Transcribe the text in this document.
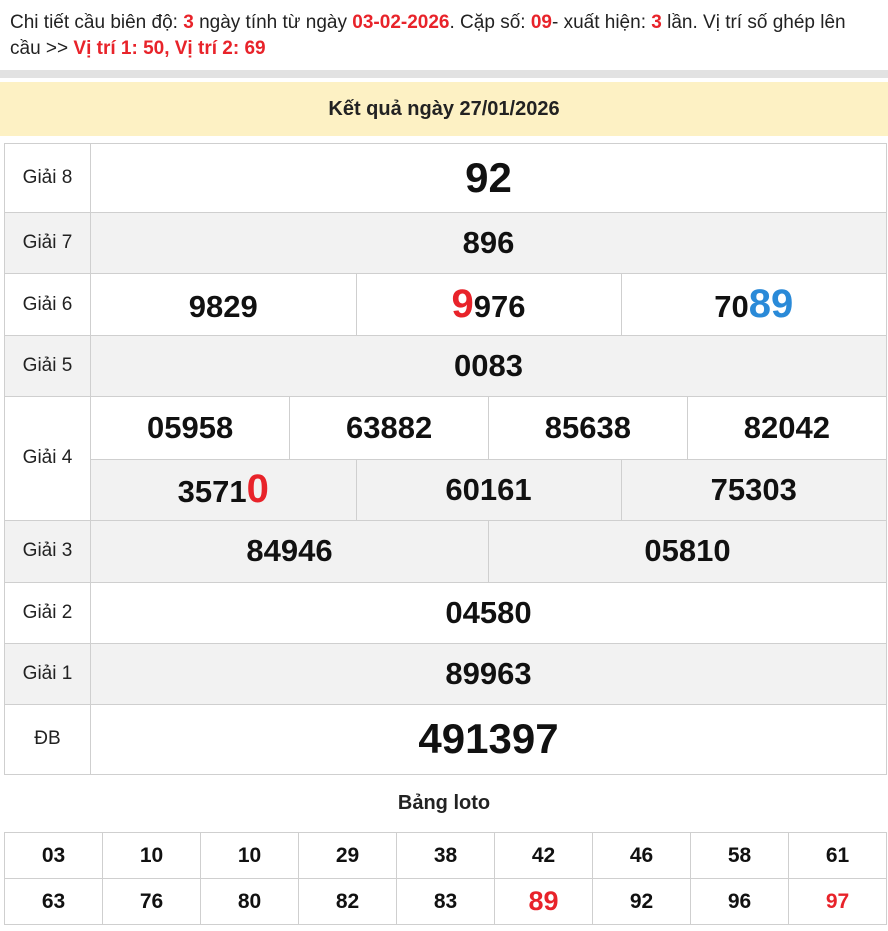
Chi tiết cầu biên độ: 3 ngày tính từ ngày 03-02-2026. Cặp số: 09- xuất hiện: 3 lần. Vị trí số ghép lên cầu >> Vị trí 1: 50, Vị trí 2: 69
Kết quả ngày 27/01/2026
Giải 8	92
Giải 7	896
Giải 6		9829	9976	7089

Giải 5	0083
Giải 4	
05958	63882	85638	82042
35710	60161	75303

Giải 3		84946	05810

Giải 2	04580
Giải 1	89963
ĐB	491397
Bảng loto
03	10	10	29	38	42	46	58	61
63	76	80	82	83	89	92	96	97
